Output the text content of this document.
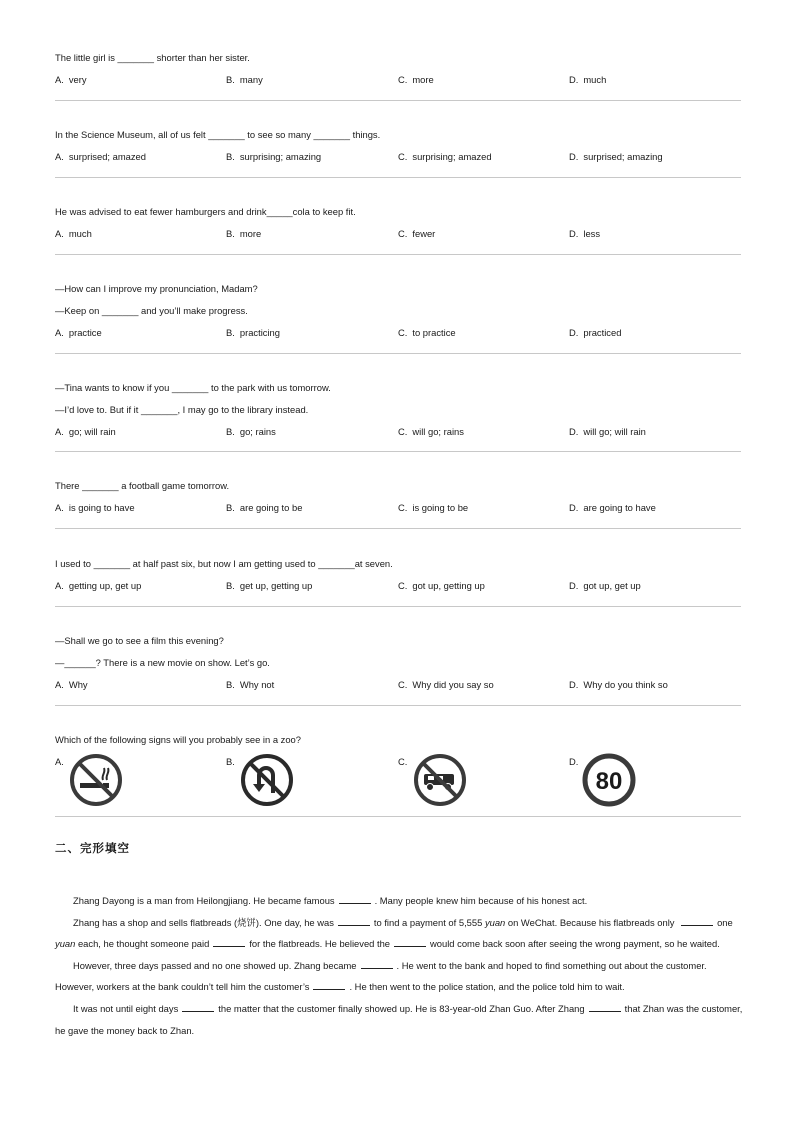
The little girl is _______ shorter than her sister.
A. very	B. many	C. more	D. much
In the Science Museum, all of us felt _______ to see so many _______ things.
A. surprised; amazed	B. surprising; amazing	C. surprising; amazed	D. surprised; amazing
He was advised to eat fewer hamburgers and drink_____cola to keep fit.
A. much	B. more	C. fewer	D. less
—How can I improve my pronunciation, Madam?
—Keep on _______ and you’ll make progress.
A. practice	B. practicing	C. to practice	D. practiced
—Tina wants to know if you _______ to the park with us tomorrow.
—I’d love to. But if it _______, I may go to the library instead.
A. go; will rain	B. go; rains	C. will go; rains	D. will go; will rain
There _______ a football game tomorrow.
A. is going to have	B. are going to be	C. is going to be	D. are going to have
I used to _______ at half past six, but now I am getting used to _______at seven.
A. getting up, get up	B. get up, getting up	C. got up, getting up	D. got up, get up
—Shall we go to see a film this evening?
—______? There is a new movie on show. Let’s go.
A. Why	B. Why not	C. Why did you say so	D. Why do you think so
Which of the following signs will you probably see in a zoo?
A.	B.	C.	D.
80
二、完形填空

Zhang Dayong is a man from Heilongjiang. He became famous	. Many people knew him because of his honest act.

Zhang has a shop and sells flatbreads (烧饼). One day, he was	to find a payment of 5,555 yuan on WeChat. Because his flatbreads only	one yuan each, he thought someone paid	for the flatbreads. He believed the	would come back soon after seeing the wrong payment, so he waited.

However, three days passed and no one showed up. Zhang became	. He went to the bank and hoped to find something out about the customer. However, workers at the bank couldn’t tell him the customer’s	. He then went to the police station, and the police told him to wait.

It was not until eight days	the matter that the customer finally showed up. He is 83-year-old Zhan Guo. After Zhang	that Zhan was the customer, he gave the money back to Zhan.
